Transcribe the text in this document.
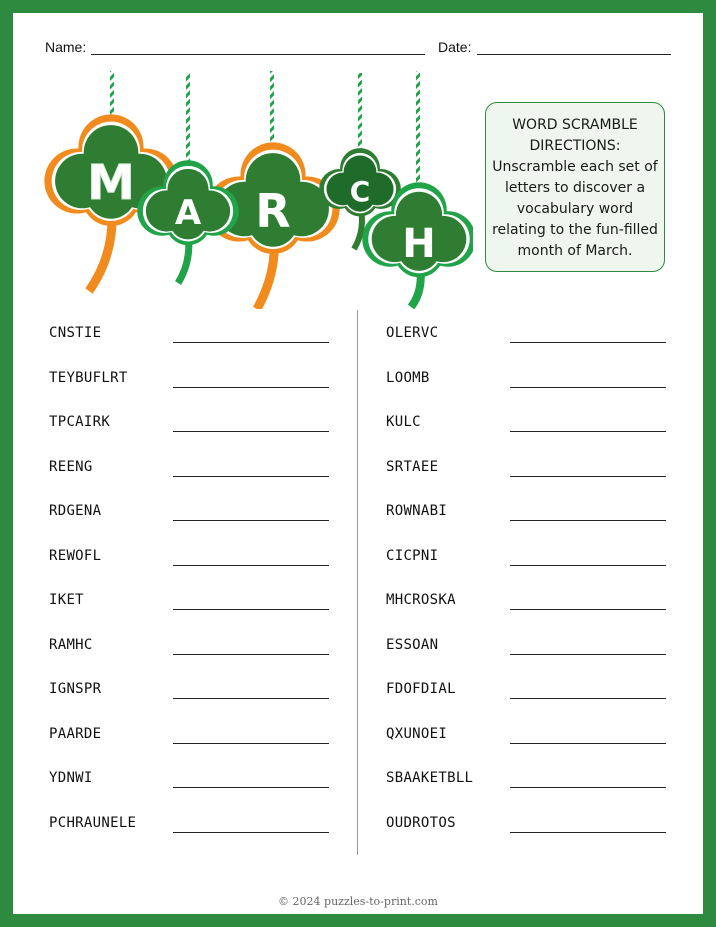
Name:	Date:
M
A R C
H
WORD SCRAMBLE DIRECTIONS:
Unscramble each set of letters to discover a vocabulary word relating to the fun-filled month of March.
CNSTIE
TEYBUFLRT
TPCAIRK
REENG
RDGENA
REWOFL
IKET
RAMHC
IGNSPR
PAARDE
YDNWI
PCHRAUNELE
OLERVC
LOOMB
KULC
SRTAEE
ROWNABI
CICPNI
MHCROSKA
ESSOAN
FDOFDIAL
QXUNOEI
SBAAKETBLL
OUDROTOS
© 2024 puzzles-to-print.com
